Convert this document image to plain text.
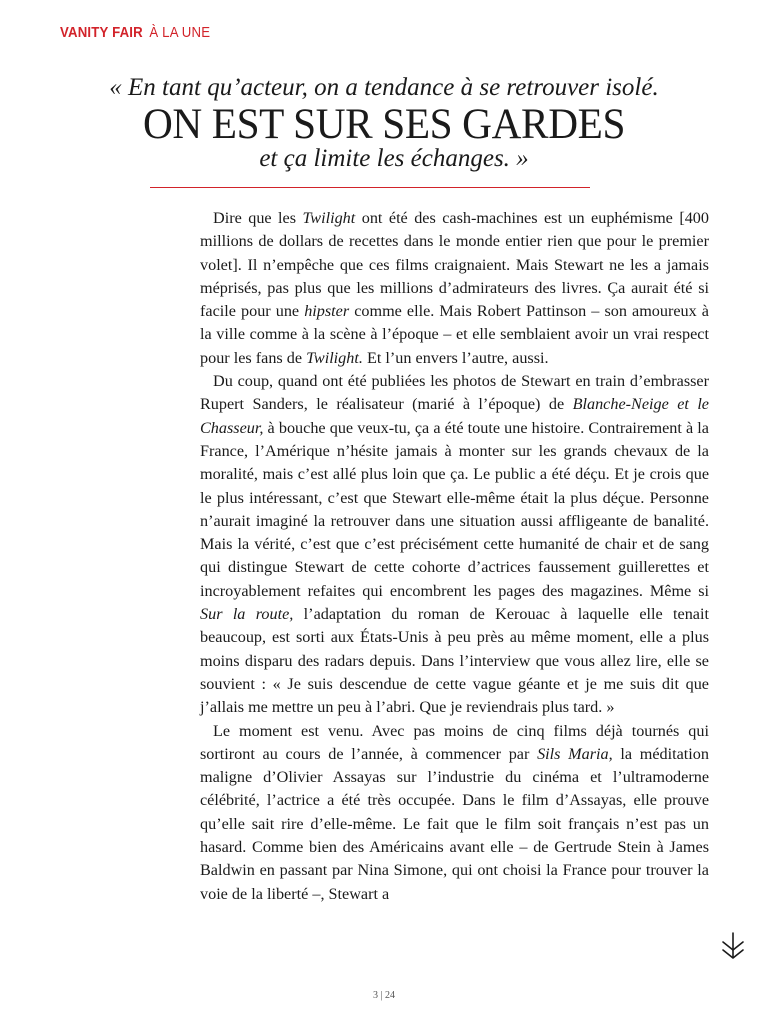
VANITY FAIR À LA UNE
« En tant qu’acteur, on a tendance à se retrouver isolé.
ON EST SUR SES GARDES
et ça limite les échanges. »

Dire que les Twilight ont été des cash-machines est un euphémisme [400 millions de dollars de recettes dans le monde entier rien que pour le premier volet]. Il n’empêche que ces films craignaient. Mais Stewart ne les a jamais méprisés, pas plus que les millions d’admirateurs des livres. Ça aurait été si facile pour une hipster comme elle. Mais Robert Pattinson – son amoureux à la ville comme à la scène à l’époque – et elle semblaient avoir un vrai respect pour les fans de Twilight. Et l’un envers l’autre, aussi.

Du coup, quand ont été publiées les photos de Stewart en train d’embrasser Rupert Sanders, le réalisateur (marié à l’époque) de Blanche-Neige et le Chasseur, à bouche que veux-tu, ça a été toute une histoire. Contrairement à la France, l’Amérique n’hésite jamais à monter sur les grands chevaux de la moralité, mais c’est allé plus loin que ça. Le public a été déçu. Et je crois que le plus intéressant, c’est que Stewart elle-même était la plus déçue. Personne n’aurait imaginé la retrouver dans une situation aussi affligeante de banalité. Mais la vérité, c’est que c’est précisément cette humanité de chair et de sang qui distingue Stewart de cette cohorte d’actrices faussement guillerettes et incroyablement refaites qui encombrent les pages des magazines. Même si Sur la route, l’adaptation du roman de Kerouac à laquelle elle tenait beaucoup, est sorti aux États-Unis à peu près au même moment, elle a plus moins disparu des radars depuis. Dans l’interview que vous allez lire, elle se souvient : « Je suis descendue de cette vague géante et je me suis dit que j’allais me mettre un peu à l’abri. Que je reviendrais plus tard. »

Le moment est venu. Avec pas moins de cinq films déjà tournés qui sortiront au cours de l’année, à commencer par Sils Maria, la méditation maligne d’Olivier Assayas sur l’industrie du cinéma et l’ultramoderne célébrité, l’actrice a été très occupée. Dans le film d’Assayas, elle prouve qu’elle sait rire d’elle-même. Le fait que le film soit français n’est pas un hasard. Comme bien des Américains avant elle – de Gertrude Stein à James Baldwin en passant par Nina Simone, qui ont choisi la France pour trouver la voie de la liberté –, Stewart a

3 | 24
